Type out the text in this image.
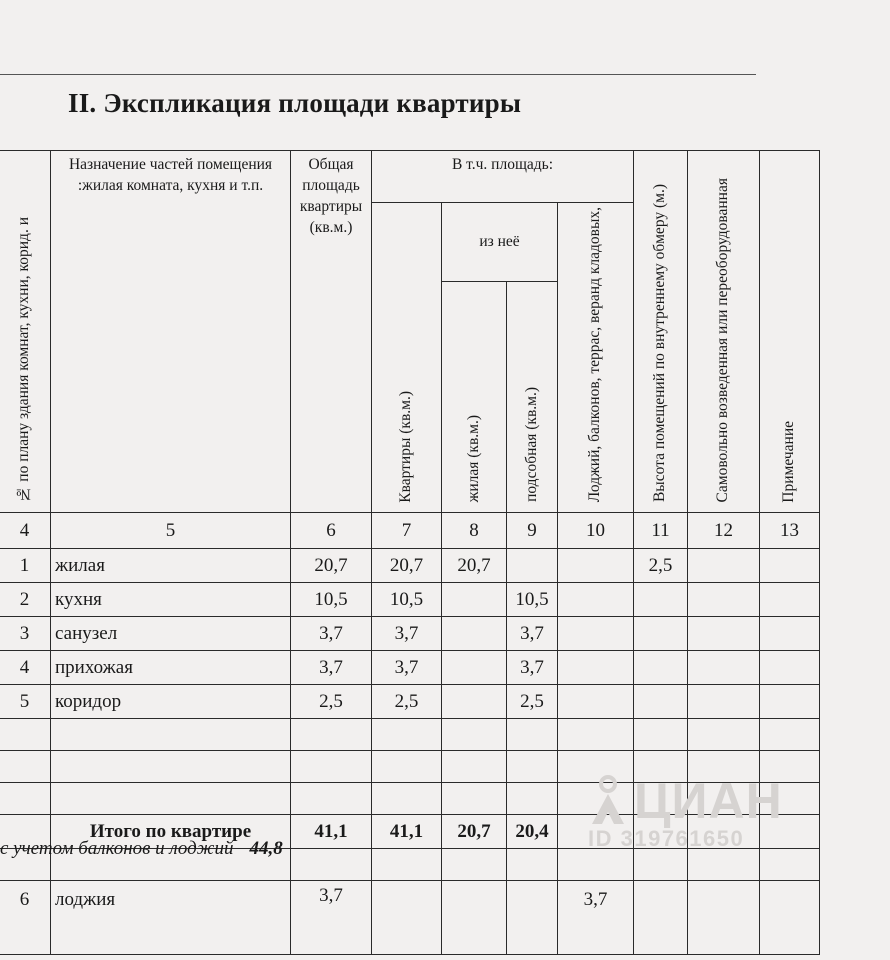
II. Экспликация площади квартиры
№ по плану здания комнат, кухни, корид. и	Назначение частей помещения :жилая комната, кухня и т.п.	Общая площадь квартиры (кв.м.)	В т.ч. площадь:				Высота помещений по внутреннему обмеру (м.)	Самовольно возведенная или переоборудованная	Примечание
			Квартиры (кв.м.)	из неё		Лоджий, балконов, террас, веранд кладовых,			
				жилая (кв.м.)	подсобная (кв.м.)				
4	5	6	7	8	9	10	11	12	13
1	жилая	20,7	20,7	20,7			2,5		
2	кухня	10,5	10,5		10,5				
3	санузел	3,7	3,7		3,7				
4	прихожая	3,7	3,7		3,7				
5	коридор	2,5	2,5		2,5				

	Итого по квартире	41,1	41,1	20,7	20,4				

6	лоджия	3,7				3,7			
с учетом балконов и лоджий 44,8
ЦИАН
ID 319761650
